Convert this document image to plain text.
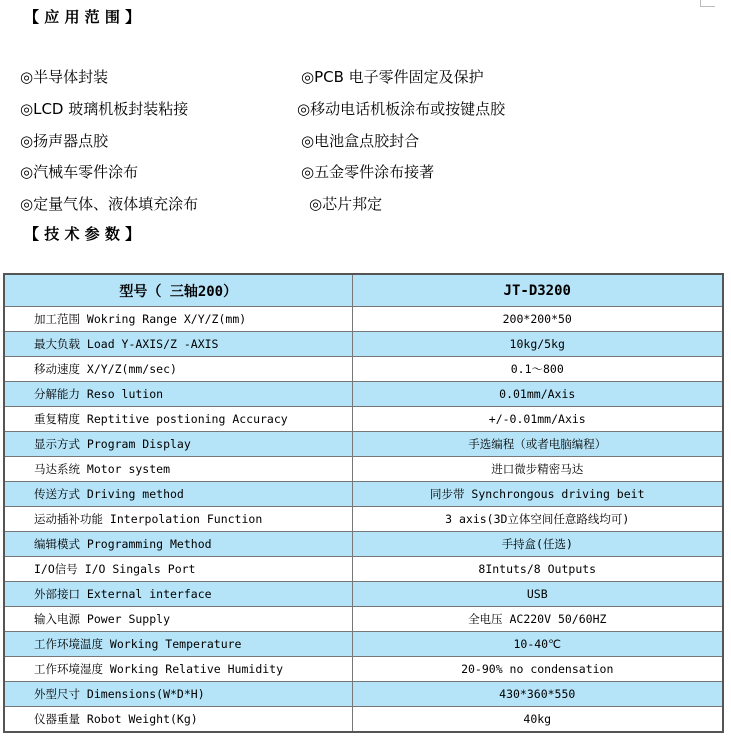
【 应 用 范 围 】
◎半导体封装	◎PCB 电子零件固定及保护
◎LCD 玻璃机板封装粘接	◎移动电话机板涂布或按键点胶
◎扬声器点胶	◎电池盒点胶封合
◎汽械车零件涂布	◎五金零件涂布接著
◎定量气体、液体填充涂布	◎芯片邦定
【 技 术 参 数 】
型号（ 三轴200）	JT-D3200
加工范围 Wokring Range X/Y/Z(mm)	200*200*50
最大负载 Load Y-AXIS/Z -AXIS	10kg/5kg
移动速度 X/Y/Z(mm/sec)	0.1～800
分解能力 Reso lution	0.01mm/Axis
重复精度 Reptitive postioning Accuracy	+/-0.01mm/Axis
显示方式 Program Display	手选编程（或者电脑编程）
马达系统 Motor system	进口微步精密马达
传送方式 Driving method	同步带 Synchrongous driving beit
运动插补功能 Interpolation Function	3 axis(3D立体空间任意路线均可)
编辑模式 Programming Method	手持盒(任选)
I/O信号 I/O Singals Port	8Intuts/8 Outputs
外部接口 External interface	USB
输入电源 Power Supply	全电压 AC220V 50/60HZ
工作环境温度 Working Temperature	10-40℃
工作环境湿度 Working Relative Humidity	20-90% no condensation
外型尺寸 Dimensions(W*D*H)	430*360*550
仪器重量 Robot Weight(Kg)	40kg
